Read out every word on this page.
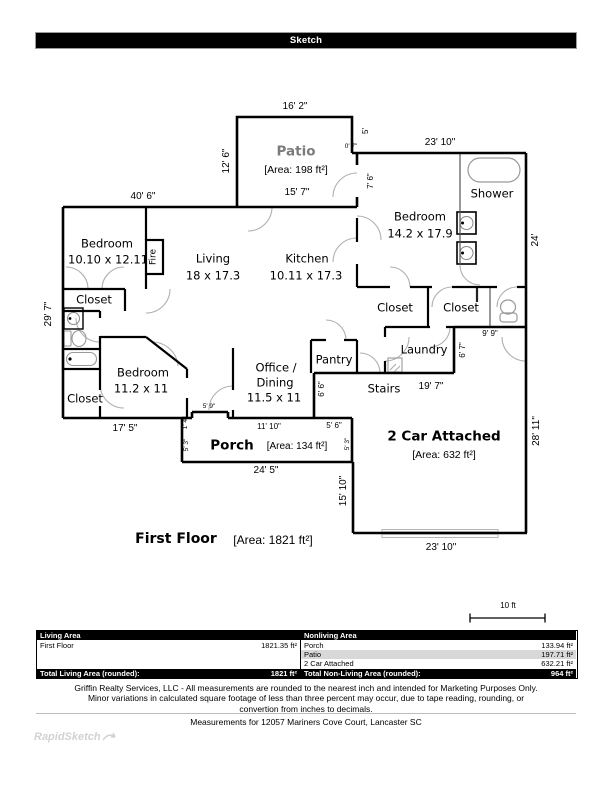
Sketch
16' 2"
12' 6"	Patio
[Area: 198 ft²]
15' 7"
5'
0' 7"
7' 6"
23' 10"
40' 6"
Bedroom
14.2 x 17.9
Shower
24'
Bedroom
10.10 x 12.11 Fire	Living
18 x 17.3
Kitchen
10.11 x 17.3
Closet
29' 7"	Closet	Closet
Laundry
9' 9"
6' 7"
Bedroom
11.2 x 11
Closet
Pantry
Office /
Dining
11.5 x 11
Stairs 19' 7"
6' 6"
17' 5"
5' 9"
1' 4"
5' 3"
11' 10"	5' 6"
Porch [Area: 134 ft²]	5' 3"
24' 5"
2 Car Attached
[Area: 632 ft²]
28' 11"
15' 10"
23' 10"
First Floor [Area: 1821 ft²]
10 ft
Living Area
First Floor	1821.35 ft²
Total Living Area (rounded):	1821 ft²
Nonliving Area
Porch	133.94 ft²
Patio	197.71 ft²
2 Car Attached	632.21 ft²
Total Non-Living Area (rounded):	964 ft²
Griffin Realty Services, LLC - All measurements are rounded to the nearest inch and intended for Marketing Purposes Only.
Minor variations in calculated square footage of less than three percent may occur, due to tape reading, rounding, or
convertion from inches to decimals.
Measurements for 12057 Mariners Cove Court, Lancaster SC
RapidSketch
